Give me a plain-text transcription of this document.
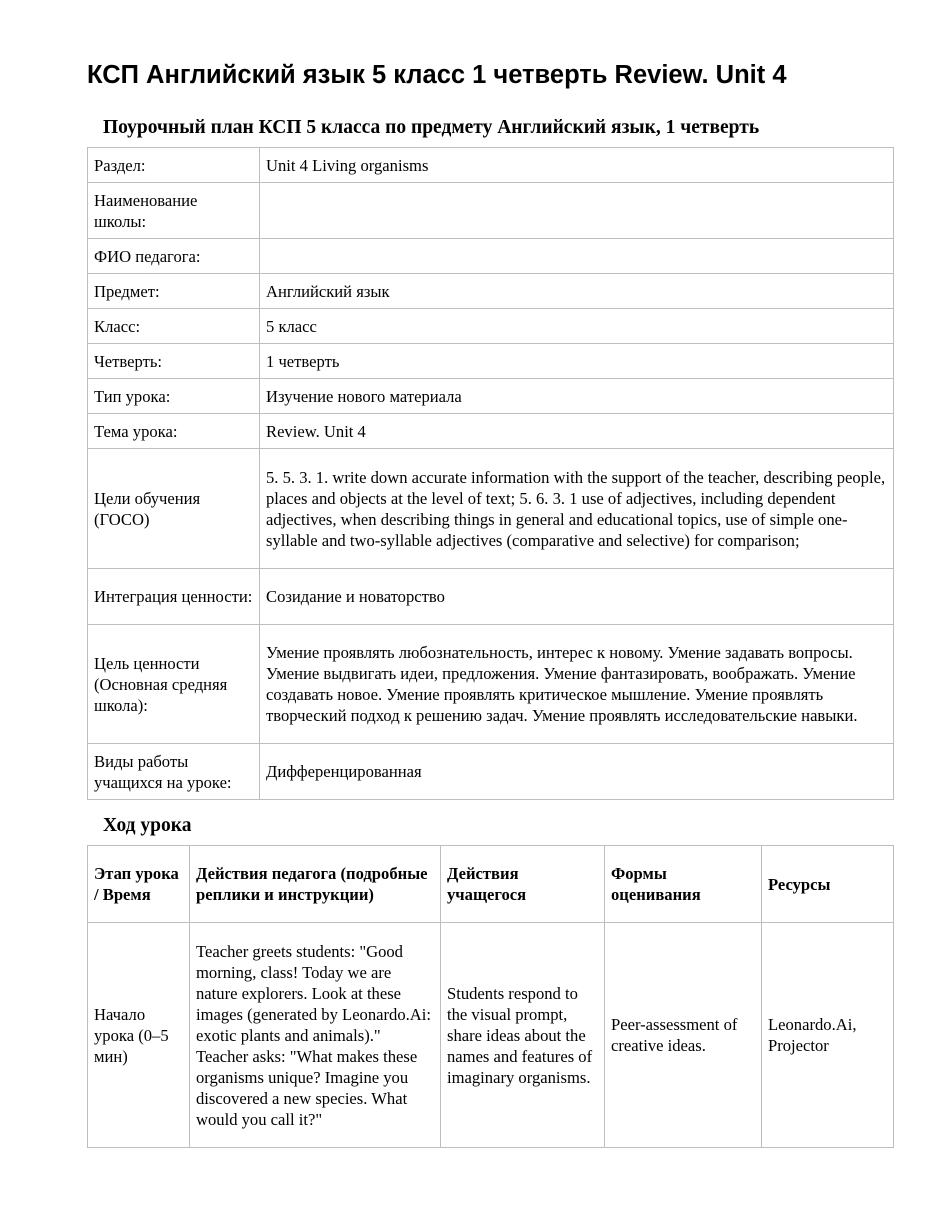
КСП Английский язык 5 класс 1 четверть Review. Unit 4
Поурочный план КСП 5 класса по предмету Английский язык, 1 четверть
Раздел:	Unit 4 Living organisms
Наименование школы:	
ФИО педагога:	
Предмет:	Английский язык
Класс:	5 класс
Четверть:	1 четверть
Тип урока:	Изучение нового материала
Тема урока:	Review. Unit 4
Цели обучения (ГОСО)	5. 5. 3. 1. write down accurate information with the support of the teacher, describing people, places and objects at the level of text; 5. 6. 3. 1 use of adjectives, including dependent adjectives, when describing things in general and educational topics, use of simple one-syllable and two-syllable adjectives (comparative and selective) for comparison;
Интеграция ценности:	Созидание и новаторство
Цель ценности (Основная средняя школа):	Умение проявлять любознательность, интерес к новому. Умение задавать вопросы. Умение выдвигать идеи, предложения. Умение фантазировать, воображать. Умение создавать новое. Умение проявлять критическое мышление. Умение проявлять творческий подход к решению задач. Умение проявлять исследовательские навыки.
Виды работы учащихся на уроке:	Дифференцированная
Ход урока
Этап урока / Время	Действия педагога (подробные реплики и инструкции)	Действия учащегося	Формы оценивания	Ресурсы
Начало урока (0–5 мин)	Teacher greets students: "Good morning, class! Today we are nature explorers. Look at these images (generated by Leonardo.Ai: exotic plants and animals)." Teacher asks: "What makes these organisms unique? Imagine you discovered a new species. What would you call it?"	Students respond to the visual prompt, share ideas about the names and features of imaginary organisms.	Peer-assessment of creative ideas.	Leonardo.Ai, Projector
